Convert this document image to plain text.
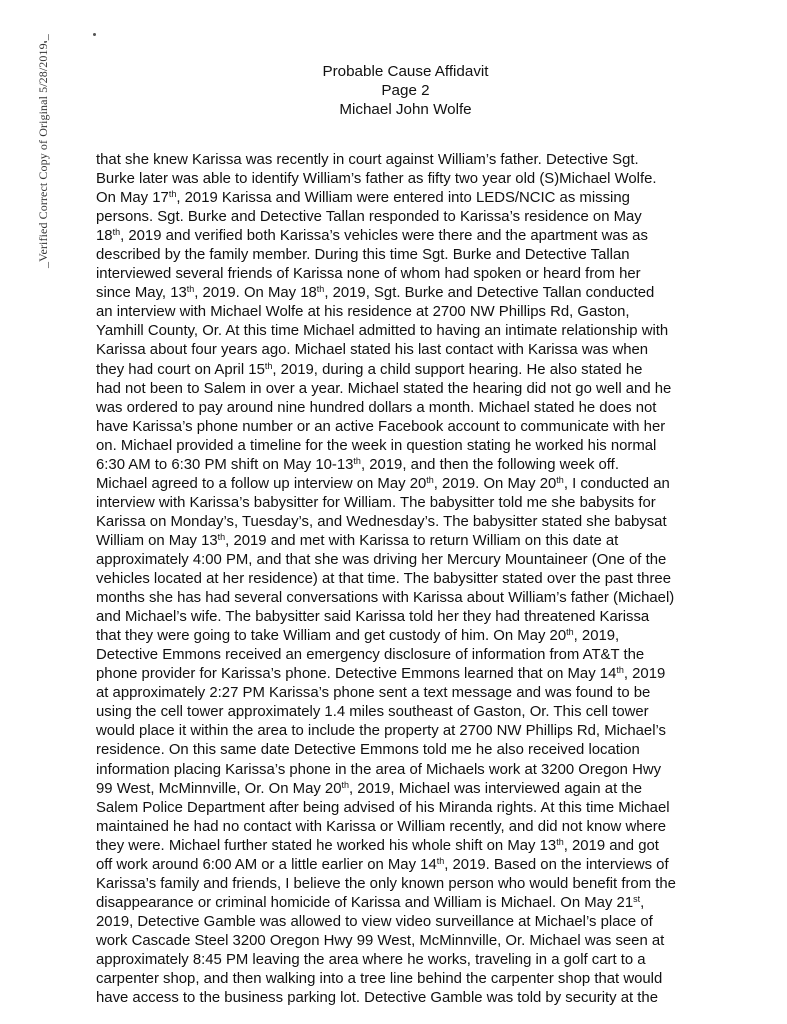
Probable Cause Affidavit
Page 2
Michael John Wolfe
_Verified Correct Copy of Original 5/28/2019._	that she knew Karissa was recently in court against William’s father. Detective Sgt.
Burke later was able to identify William’s father as fifty two year old (S)Michael Wolfe.
On May 17th, 2019 Karissa and William were entered into LEDS/NCIC as missing
persons. Sgt. Burke and Detective Tallan responded to Karissa’s residence on May
18th, 2019 and verified both Karissa’s vehicles were there and the apartment was as
described by the family member. During this time Sgt. Burke and Detective Tallan
interviewed several friends of Karissa none of whom had spoken or heard from her
since May, 13th, 2019. On May 18th, 2019, Sgt. Burke and Detective Tallan conducted
an interview with Michael Wolfe at his residence at 2700 NW Phillips Rd, Gaston,
Yamhill County, Or. At this time Michael admitted to having an intimate relationship with
Karissa about four years ago. Michael stated his last contact with Karissa was when
they had court on April 15th, 2019, during a child support hearing. He also stated he
had not been to Salem in over a year. Michael stated the hearing did not go well and he
was ordered to pay around nine hundred dollars a month. Michael stated he does not
have Karissa’s phone number or an active Facebook account to communicate with her
on. Michael provided a timeline for the week in question stating he worked his normal
6:30 AM to 6:30 PM shift on May 10-13th, 2019, and then the following week off.
Michael agreed to a follow up interview on May 20th, 2019. On May 20th, I conducted an
interview with Karissa’s babysitter for William. The babysitter told me she babysits for
Karissa on Monday’s, Tuesday’s, and Wednesday’s. The babysitter stated she babysat
William on May 13th, 2019 and met with Karissa to return William on this date at
approximately 4:00 PM, and that she was driving her Mercury Mountaineer (One of the
vehicles located at her residence) at that time. The babysitter stated over the past three
months she has had several conversations with Karissa about William’s father (Michael)
and Michael’s wife. The babysitter said Karissa told her they had threatened Karissa
that they were going to take William and get custody of him. On May 20th, 2019,
Detective Emmons received an emergency disclosure of information from AT&T the
phone provider for Karissa’s phone. Detective Emmons learned that on May 14th, 2019
at approximately 2:27 PM Karissa’s phone sent a text message and was found to be
using the cell tower approximately 1.4 miles southeast of Gaston, Or. This cell tower
would place it within the area to include the property at 2700 NW Phillips Rd, Michael’s
residence. On this same date Detective Emmons told me he also received location
information placing Karissa’s phone in the area of Michaels work at 3200 Oregon Hwy
99 West, McMinnville, Or. On May 20th, 2019, Michael was interviewed again at the
Salem Police Department after being advised of his Miranda rights. At this time Michael
maintained he had no contact with Karissa or William recently, and did not know where
they were. Michael further stated he worked his whole shift on May 13th, 2019 and got
off work around 6:00 AM or a little earlier on May 14th, 2019. Based on the interviews of
Karissa’s family and friends, I believe the only known person who would benefit from the
disappearance or criminal homicide of Karissa and William is Michael. On May 21st,
2019, Detective Gamble was allowed to view video surveillance at Michael’s place of
work Cascade Steel 3200 Oregon Hwy 99 West, McMinnville, Or. Michael was seen at
approximately 8:45 PM leaving the area where he works, traveling in a golf cart to a
carpenter shop, and then walking into a tree line behind the carpenter shop that would
have access to the business parking lot. Detective Gamble was told by security at the
